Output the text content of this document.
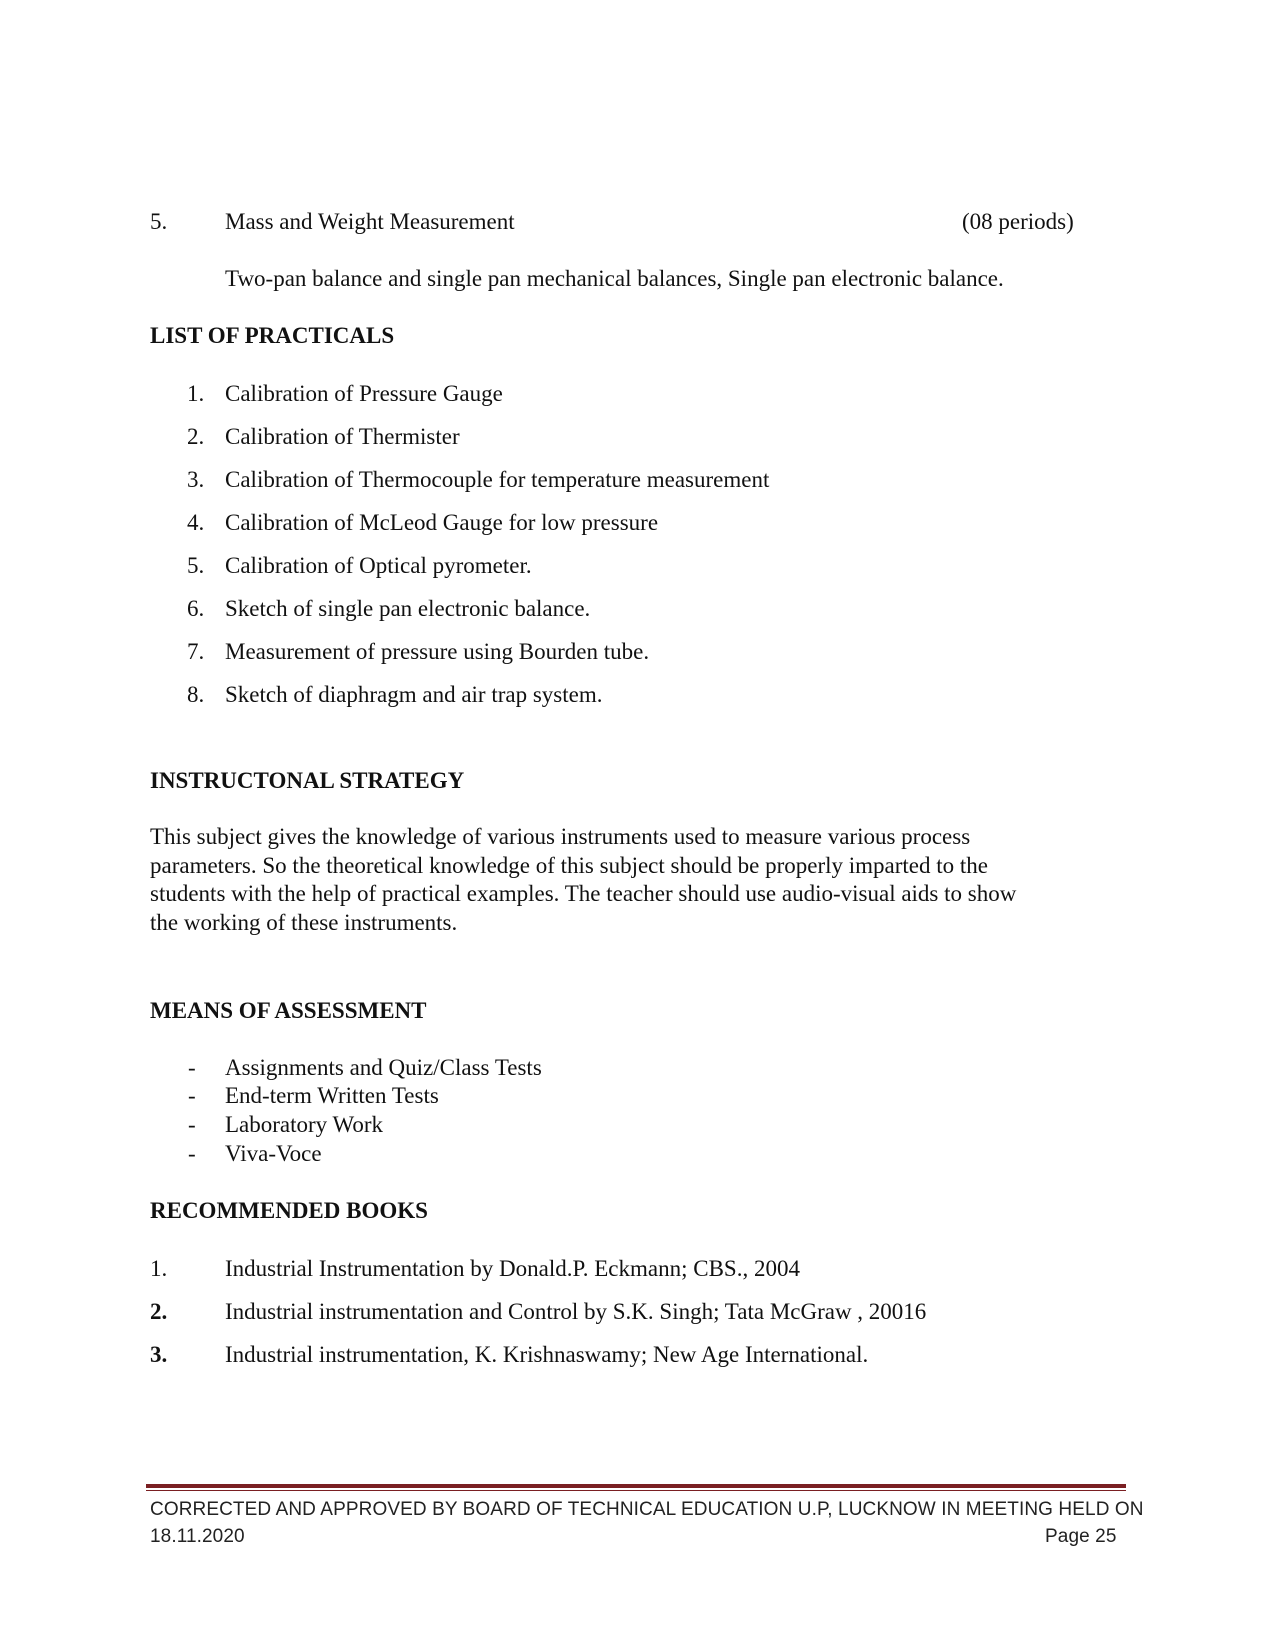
5.	Mass and Weight Measurement	(08 periods)
Two-pan balance and single pan mechanical balances, Single pan electronic balance.
LIST OF PRACTICALS
1. Calibration of Pressure Gauge
2. Calibration of Thermister
3. Calibration of Thermocouple for temperature measurement
4. Calibration of McLeod Gauge for low pressure
5. Calibration of Optical pyrometer.
6. Sketch of single pan electronic balance.
7. Measurement of pressure using Bourden tube.
8. Sketch of diaphragm and air trap system.
INSTRUCTONAL STRATEGY
This subject gives the knowledge of various instruments used to measure various process
parameters. So the theoretical knowledge of this subject should be properly imparted to the
students with the help of practical examples. The teacher should use audio-visual aids to show
the working of these instruments.
MEANS OF ASSESSMENT
- Assignments and Quiz/Class Tests
- End-term Written Tests
- Laboratory Work
- Viva-Voce
RECOMMENDED BOOKS
1.	Industrial Instrumentation by Donald.P. Eckmann; CBS., 2004
2.	Industrial instrumentation and Control by S.K. Singh; Tata McGraw , 20016
3.	Industrial instrumentation, K. Krishnaswamy; New Age International.
CORRECTED AND APPROVED BY BOARD OF TECHNICAL EDUCATION U.P, LUCKNOW IN MEETING HELD ON
18.11.2020	Page 25
